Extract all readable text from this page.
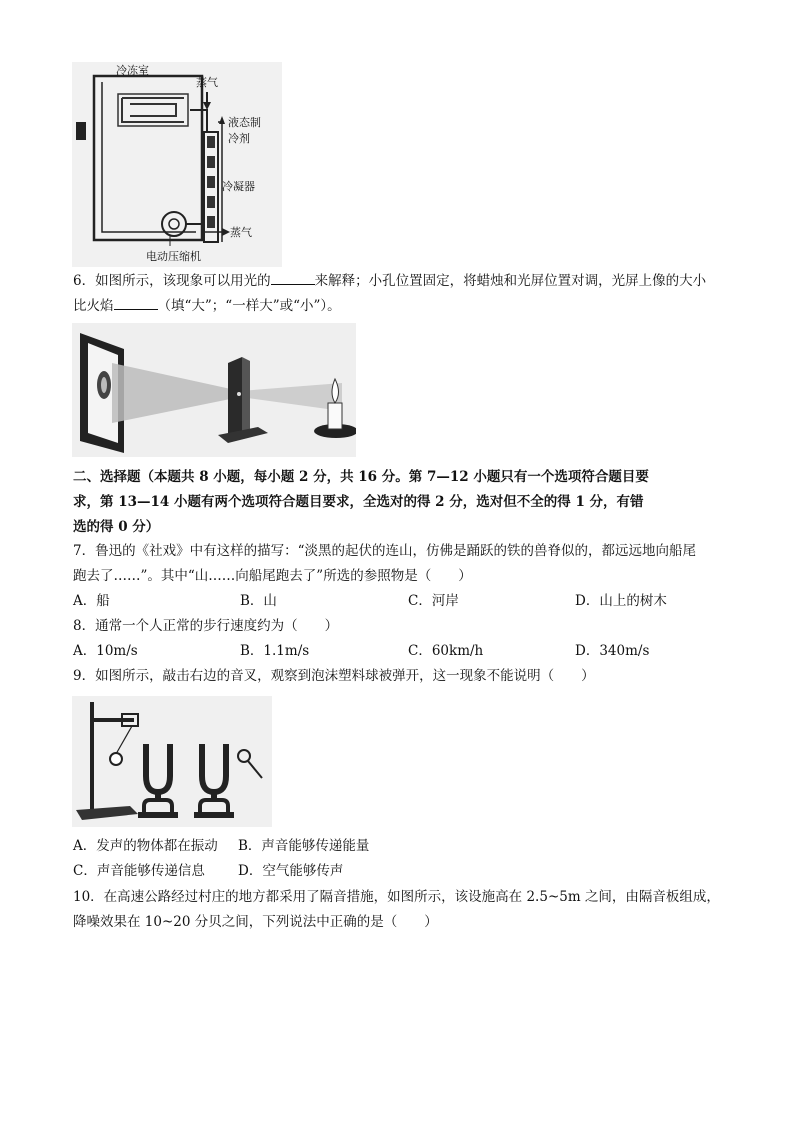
冷冻室
蒸气
液态制
冷剂
冷凝器
蒸气
电动压缩机
6．如图所示，该现象可以用光的	来解释；小孔位置固定，将蜡烛和光屏位置对调，光屏上像的大小
比火焰	（填“大”；“一样大”或“小”）。
二、选择题（本题共 8 小题，每小题 2 分，共 16 分。第 7—12 小题只有一个选项符合题目要
求，第 13—14 小题有两个选项符合题目要求，全选对的得 2 分，选对但不全的得 1 分，有错
选的得 0 分）
7．鲁迅的《社戏》中有这样的描写：“淡黑的起伏的连山，仿佛是踊跃的铁的兽脊似的，都远远地向船尾
跑去了……”。其中“山……向船尾跑去了”所选的参照物是（　　）
A．船	B．山	C．河岸	D．山上的树木
8．通常一个人正常的步行速度约为（　　）
A．10m/s	B．1.1m/s	C．60km/h	D．340m/s
9．如图所示，敲击右边的音叉，观察到泡沫塑料球被弹开，这一现象不能说明（　　）
A．发声的物体都在振动 B．声音能够传递能量
C．声音能够传递信息 D．空气能够传声
10．在高速公路经过村庄的地方都采用了隔音措施，如图所示，该设施高在 2.5~5m 之间，由隔音板组成，
降噪效果在 10~20 分贝之间，下列说法中正确的是（　　）
